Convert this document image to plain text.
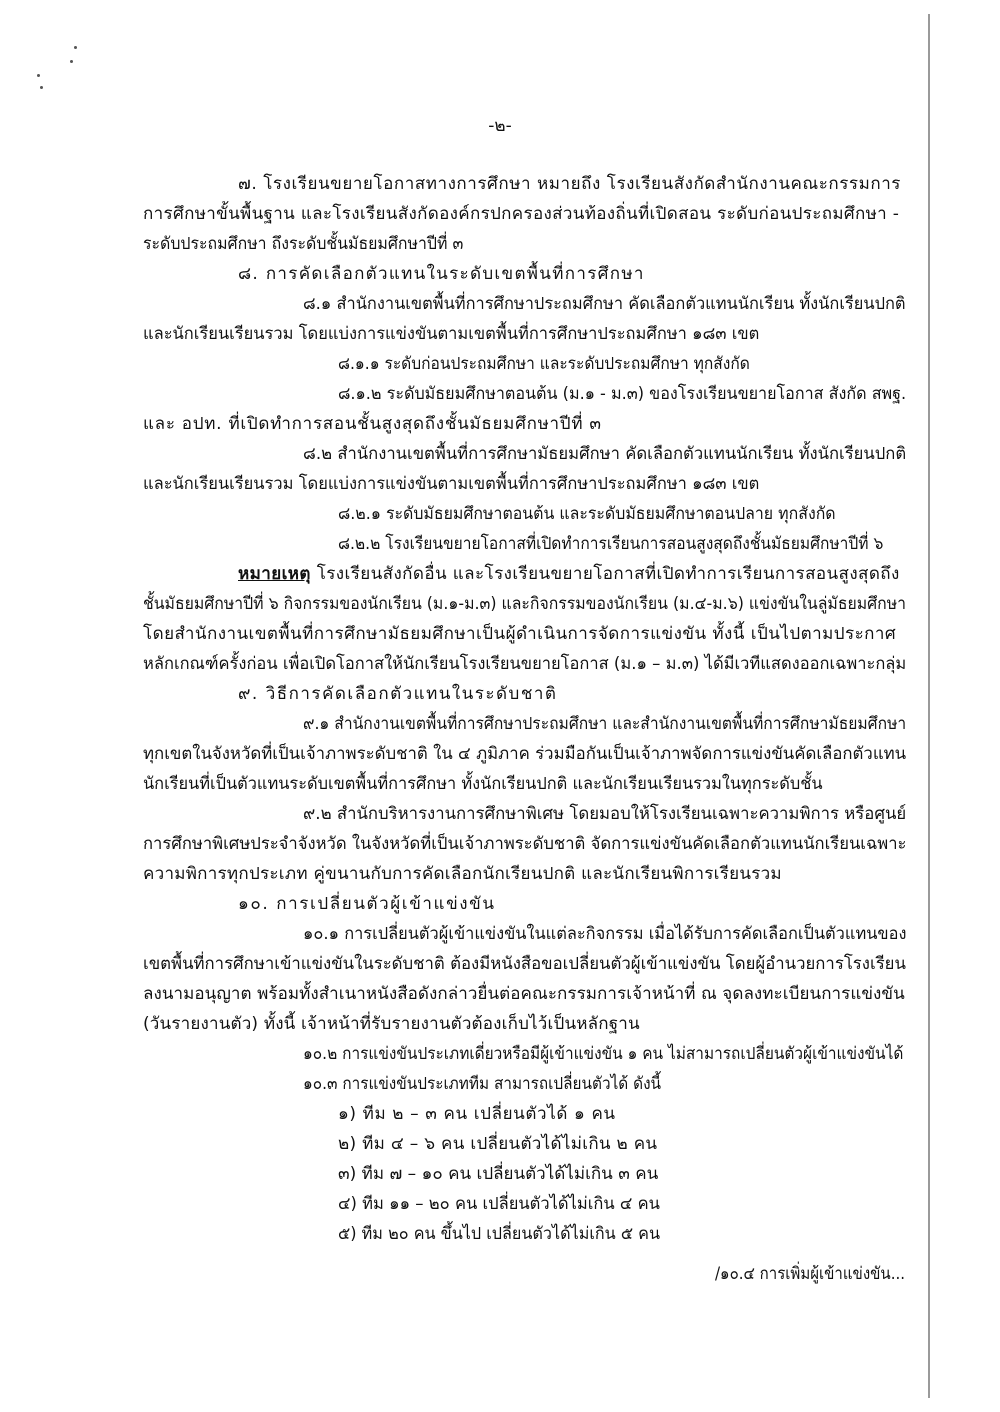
-๒-
๗. โรงเรียนขยายโอกาสทางการศึกษา หมายถึง โรงเรียนสังกัดสำนักงานคณะกรรมการ
การศึกษาขั้นพื้นฐาน และโรงเรียนสังกัดองค์กรปกครองส่วนท้องถิ่นที่เปิดสอน ระดับก่อนประถมศึกษา -
ระดับประถมศึกษา ถึงระดับชั้นมัธยมศึกษาปีที่ ๓
๘. การคัดเลือกตัวแทนในระดับเขตพื้นที่การศึกษา
๘.๑ สำนักงานเขตพื้นที่การศึกษาประถมศึกษา คัดเลือกตัวแทนนักเรียน ทั้งนักเรียนปกติ
และนักเรียนเรียนรวม โดยแบ่งการแข่งขันตามเขตพื้นที่การศึกษาประถมศึกษา ๑๘๓ เขต
๘.๑.๑ ระดับก่อนประถมศึกษา และระดับประถมศึกษา ทุกสังกัด
๘.๑.๒ ระดับมัธยมศึกษาตอนต้น (ม.๑ - ม.๓) ของโรงเรียนขยายโอกาส สังกัด สพฐ.
และ อปท. ที่เปิดทำการสอนชั้นสูงสุดถึงชั้นมัธยมศึกษาปีที่ ๓
๘.๒ สำนักงานเขตพื้นที่การศึกษามัธยมศึกษา คัดเลือกตัวแทนนักเรียน ทั้งนักเรียนปกติ
และนักเรียนเรียนรวม โดยแบ่งการแข่งขันตามเขตพื้นที่การศึกษาประถมศึกษา ๑๘๓ เขต
๘.๒.๑ ระดับมัธยมศึกษาตอนต้น และระดับมัธยมศึกษาตอนปลาย ทุกสังกัด
๘.๒.๒ โรงเรียนขยายโอกาสที่เปิดทำการเรียนการสอนสูงสุดถึงชั้นมัธยมศึกษาปีที่ ๖
หมายเหตุ โรงเรียนสังกัดอื่น และโรงเรียนขยายโอกาสที่เปิดทำการเรียนการสอนสูงสุดถึง
ชั้นมัธยมศึกษาปีที่ ๖ กิจกรรมของนักเรียน (ม.๑-ม.๓) และกิจกรรมของนักเรียน (ม.๔-ม.๖) แข่งขันในลู่มัธยมศึกษา
โดยสำนักงานเขตพื้นที่การศึกษามัธยมศึกษาเป็นผู้ดำเนินการจัดการแข่งขัน ทั้งนี้ เป็นไปตามประกาศ
หลักเกณฑ์ครั้งก่อน เพื่อเปิดโอกาสให้นักเรียนโรงเรียนขยายโอกาส (ม.๑ – ม.๓) ได้มีเวทีแสดงออกเฉพาะกลุ่ม
๙. วิธีการคัดเลือกตัวแทนในระดับชาติ
๙.๑ สำนักงานเขตพื้นที่การศึกษาประถมศึกษา และสำนักงานเขตพื้นที่การศึกษามัธยมศึกษา
ทุกเขตในจังหวัดที่เป็นเจ้าภาพระดับชาติ ใน ๔ ภูมิภาค ร่วมมือกันเป็นเจ้าภาพจัดการแข่งขันคัดเลือกตัวแทน
นักเรียนที่เป็นตัวแทนระดับเขตพื้นที่การศึกษา ทั้งนักเรียนปกติ และนักเรียนเรียนรวมในทุกระดับชั้น
๙.๒ สำนักบริหารงานการศึกษาพิเศษ โดยมอบให้โรงเรียนเฉพาะความพิการ หรือศูนย์
การศึกษาพิเศษประจำจังหวัด ในจังหวัดที่เป็นเจ้าภาพระดับชาติ จัดการแข่งขันคัดเลือกตัวแทนนักเรียนเฉพาะ
ความพิการทุกประเภท คู่ขนานกับการคัดเลือกนักเรียนปกติ และนักเรียนพิการเรียนรวม
๑๐. การเปลี่ยนตัวผู้เข้าแข่งขัน
๑๐.๑ การเปลี่ยนตัวผู้เข้าแข่งขันในแต่ละกิจกรรม เมื่อได้รับการคัดเลือกเป็นตัวแทนของ
เขตพื้นที่การศึกษาเข้าแข่งขันในระดับชาติ ต้องมีหนังสือขอเปลี่ยนตัวผู้เข้าแข่งขัน โดยผู้อำนวยการโรงเรียน
ลงนามอนุญาต พร้อมทั้งสำเนาหนังสือดังกล่าวยื่นต่อคณะกรรมการเจ้าหน้าที่ ณ จุดลงทะเบียนการแข่งขัน
(วันรายงานตัว) ทั้งนี้ เจ้าหน้าที่รับรายงานตัวต้องเก็บไว้เป็นหลักฐาน
๑๐.๒ การแข่งขันประเภทเดี่ยวหรือมีผู้เข้าแข่งขัน ๑ คน ไม่สามารถเปลี่ยนตัวผู้เข้าแข่งขันได้
๑๐.๓ การแข่งขันประเภททีม สามารถเปลี่ยนตัวได้ ดังนี้
๑) ทีม ๒ – ๓ คน เปลี่ยนตัวได้ ๑ คน
๒) ทีม ๔ – ๖ คน เปลี่ยนตัวได้ไม่เกิน ๒ คน
๓) ทีม ๗ – ๑๐ คน เปลี่ยนตัวได้ไม่เกิน ๓ คน
๔) ทีม ๑๑ – ๒๐ คน เปลี่ยนตัวได้ไม่เกิน ๔ คน
๕) ทีม ๒๐ คน ขึ้นไป เปลี่ยนตัวได้ไม่เกิน ๕ คน
/๑๐.๔ การเพิ่มผู้เข้าแข่งขัน...
